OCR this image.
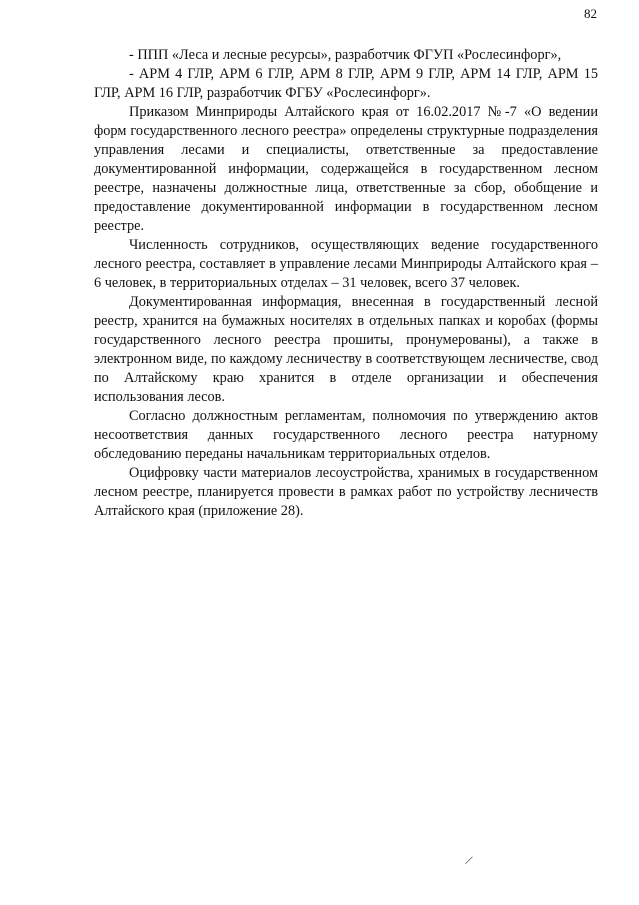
82

- ППП «Леса и лесные ресурсы», разработчик ФГУП «Рослесинфорг»,

- АРМ 4 ГЛР, АРМ 6 ГЛР, АРМ 8 ГЛР, АРМ 9 ГЛР, АРМ 14 ГЛР, АРМ 15 ГЛР, АРМ 16 ГЛР, разработчик ФГБУ «Рослесинфорг».

Приказом Минприроды Алтайского края от 16.02.2017 №-7 «О ведении форм государственного лесного реестра» определены структурные подразделения управления лесами и специалисты, ответственные за предоставление документированной информации, содержащейся в государственном лесном реестре, назначены должностные лица, ответственные за сбор, обобщение и предоставление документированной информации в государственном лесном реестре.

Численность сотрудников, осуществляющих ведение государственного лесного реестра, составляет в управление лесами Минприроды Алтайского края – 6 человек, в территориальных отделах – 31 человек, всего 37 человек.

Документированная информация, внесенная в государственный лесной реестр, хранится на бумажных носителях в отдельных папках и коробах (формы государственного лесного реестра прошиты, пронумерованы), а также в электронном виде, по каждому лесничеству в соответствующем лесничестве, свод по Алтайскому краю хранится в отделе организации и обеспечения использования лесов.

Согласно должностным регламентам, полномочия по утверждению актов несоответствия данных государственного лесного реестра натурному обследованию переданы начальникам территориальных отделов.

Оцифровку части материалов лесоустройства, хранимых в государственном лесном реестре, планируется провести в рамках работ по устройству лесничеств Алтайского края (приложение 28).

|
